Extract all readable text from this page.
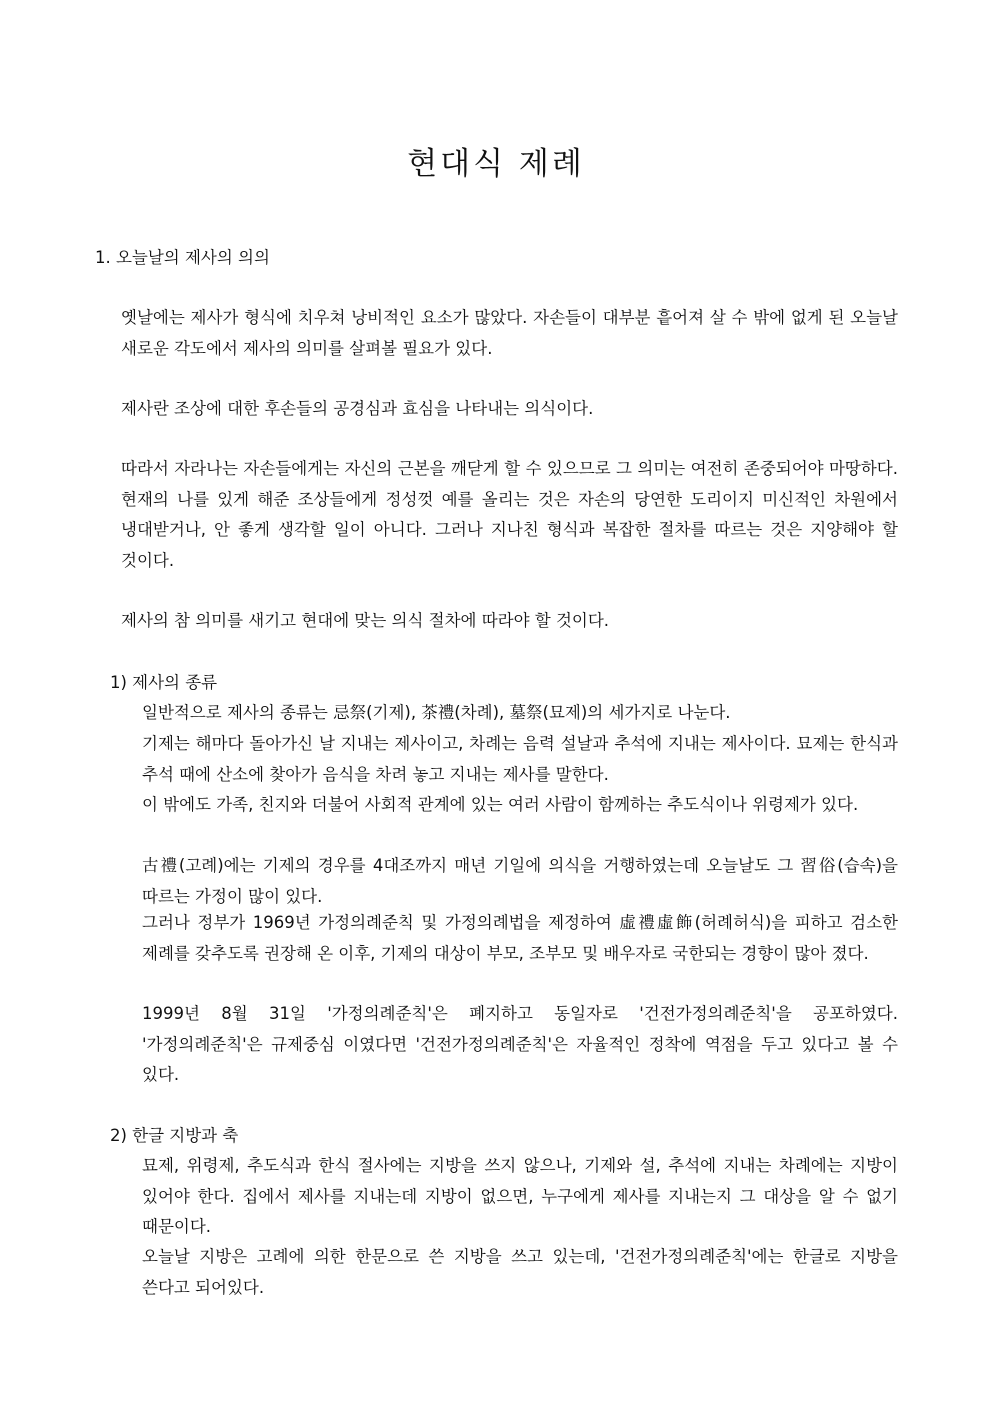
현대식 제례

1. 오늘날의 제사의 의의

옛날에는 제사가 형식에 치우쳐 낭비적인 요소가 많았다. 자손들이 대부분 흩어져 살 수 밖에 없게 된 오늘날 새로운 각도에서 제사의 의미를 살펴볼 필요가 있다.

제사란 조상에 대한 후손들의 공경심과 효심을 나타내는 의식이다.

따라서 자라나는 자손들에게는 자신의 근본을 깨닫게 할 수 있으므로 그 의미는 여전히 존중되어야 마땅하다. 현재의 나를 있게 해준 조상들에게 정성껏 예를 올리는 것은 자손의 당연한 도리이지 미신적인 차원에서 냉대받거나, 안 좋게 생각할 일이 아니다. 그러나 지나친 형식과 복잡한 절차를 따르는 것은 지양해야 할 것이다.

제사의 참 의미를 새기고 현대에 맞는 의식 절차에 따라야 할 것이다.

1) 제사의 종류

일반적으로 제사의 종류는 忌祭(기제), 茶禮(차례), 墓祭(묘제)의 세가지로 나눈다.

기제는 해마다 돌아가신 날 지내는 제사이고, 차례는 음력 설날과 추석에 지내는 제사이다. 묘제는 한식과 추석 때에 산소에 찾아가 음식을 차려 놓고 지내는 제사를 말한다.

이 밖에도 가족, 친지와 더불어 사회적 관계에 있는 여러 사람이 함께하는 추도식이나 위령제가 있다.

古禮(고례)에는 기제의 경우를 4대조까지 매년 기일에 의식을 거행하였는데 오늘날도 그 習俗(습속)을 따르는 가정이 많이 있다.

그러나 정부가 1969년 가정의례준칙 및 가정의례법을 제정하여 虛禮虛飾(허례허식)을 피하고 검소한 제례를 갖추도록 권장해 온 이후, 기제의 대상이 부모, 조부모 및 배우자로 국한되는 경향이 많아 졌다.

1999년 8월 31일 '가정의례준칙'은 폐지하고 동일자로 '건전가정의례준칙'을 공포하였다. '가정의례준칙'은 규제중심 이였다면 '건전가정의례준칙'은 자율적인 정착에 역점을 두고 있다고 볼 수 있다.

2) 한글 지방과 축

묘제, 위령제, 추도식과 한식 절사에는 지방을 쓰지 않으나, 기제와 설, 추석에 지내는 차례에는 지방이 있어야 한다. 집에서 제사를 지내는데 지방이 없으면, 누구에게 제사를 지내는지 그 대상을 알 수 없기 때문이다.

오늘날 지방은 고례에 의한 한문으로 쓴 지방을 쓰고 있는데, '건전가정의례준칙'에는 한글로 지방을 쓴다고 되어있다.
